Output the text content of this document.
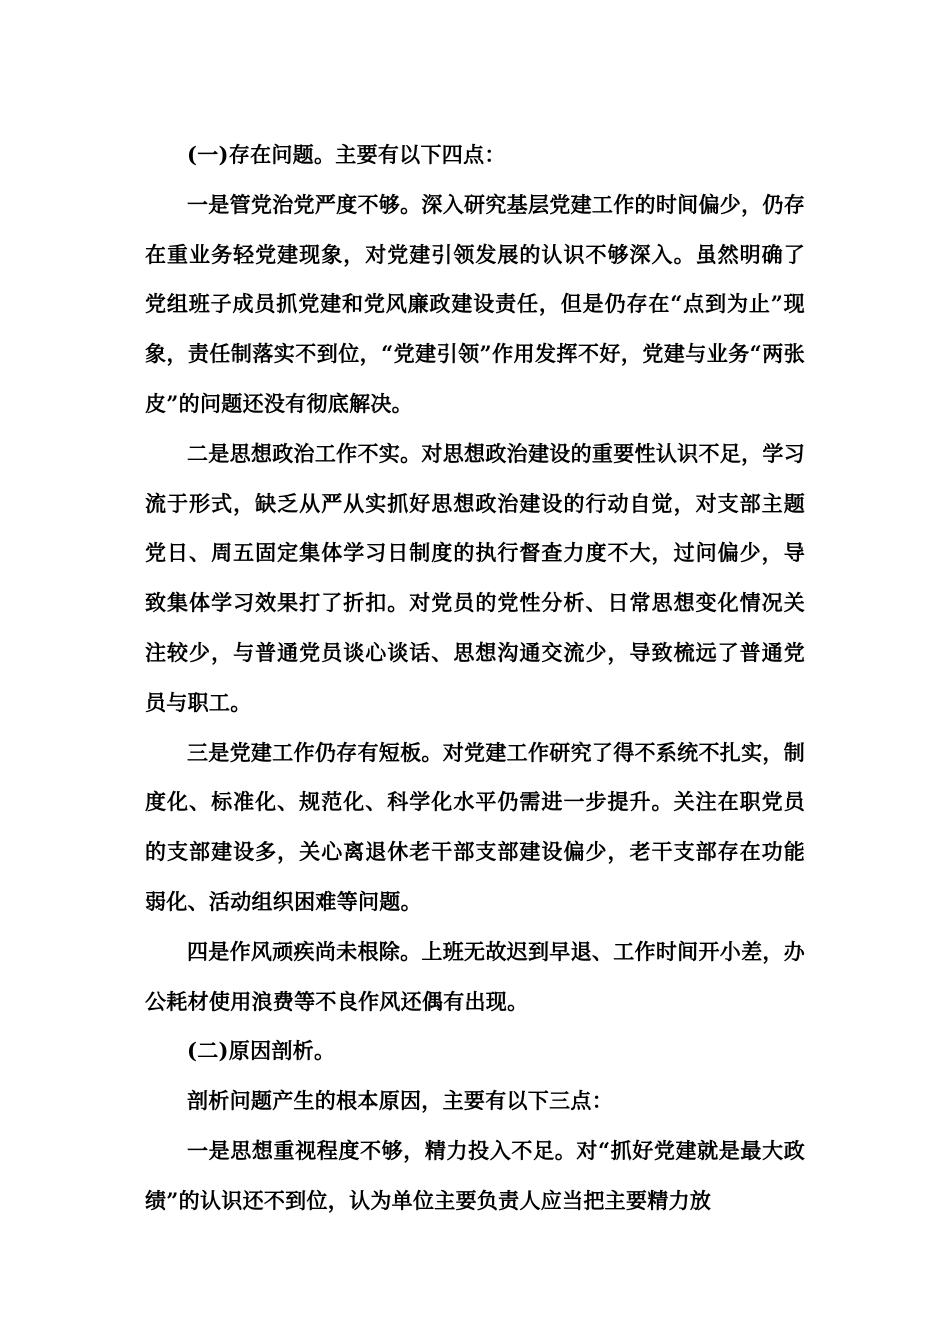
(一)存在问题。主要有以下四点：

一是管党治党严度不够。深入研究基层党建工作的时间偏少，仍存在重业务轻党建现象，对党建引领发展的认识不够深入。虽然明确了党组班子成员抓党建和党风廉政建设责任，但是仍存在“点到为止”现象，责任制落实不到位，“党建引领”作用发挥不好，党建与业务“两张皮”的问题还没有彻底解决。

二是思想政治工作不实。对思想政治建设的重要性认识不足，学习流于形式，缺乏从严从实抓好思想政治建设的行动自觉，对支部主题党日、周五固定集体学习日制度的执行督查力度不大，过问偏少，导致集体学习效果打了折扣。对党员的党性分析、日常思想变化情况关注较少，与普通党员谈心谈话、思想沟通交流少，导致梳远了普通党员与职工。

三是党建工作仍存有短板。对党建工作研究了得不系统不扎实，制度化、标准化、规范化、科学化水平仍需进一步提升。关注在职党员的支部建设多，关心离退休老干部支部建设偏少，老干支部存在功能弱化、活动组织困难等问题。

四是作风顽疾尚未根除。上班无故迟到早退、工作时间开小差，办公耗材使用浪费等不良作风还偶有出现。

(二)原因剖析。

剖析问题产生的根本原因，主要有以下三点：

一是思想重视程度不够，精力投入不足。对“抓好党建就是最大政绩”的认识还不到位，认为单位主要负责人应当把主要精力放
